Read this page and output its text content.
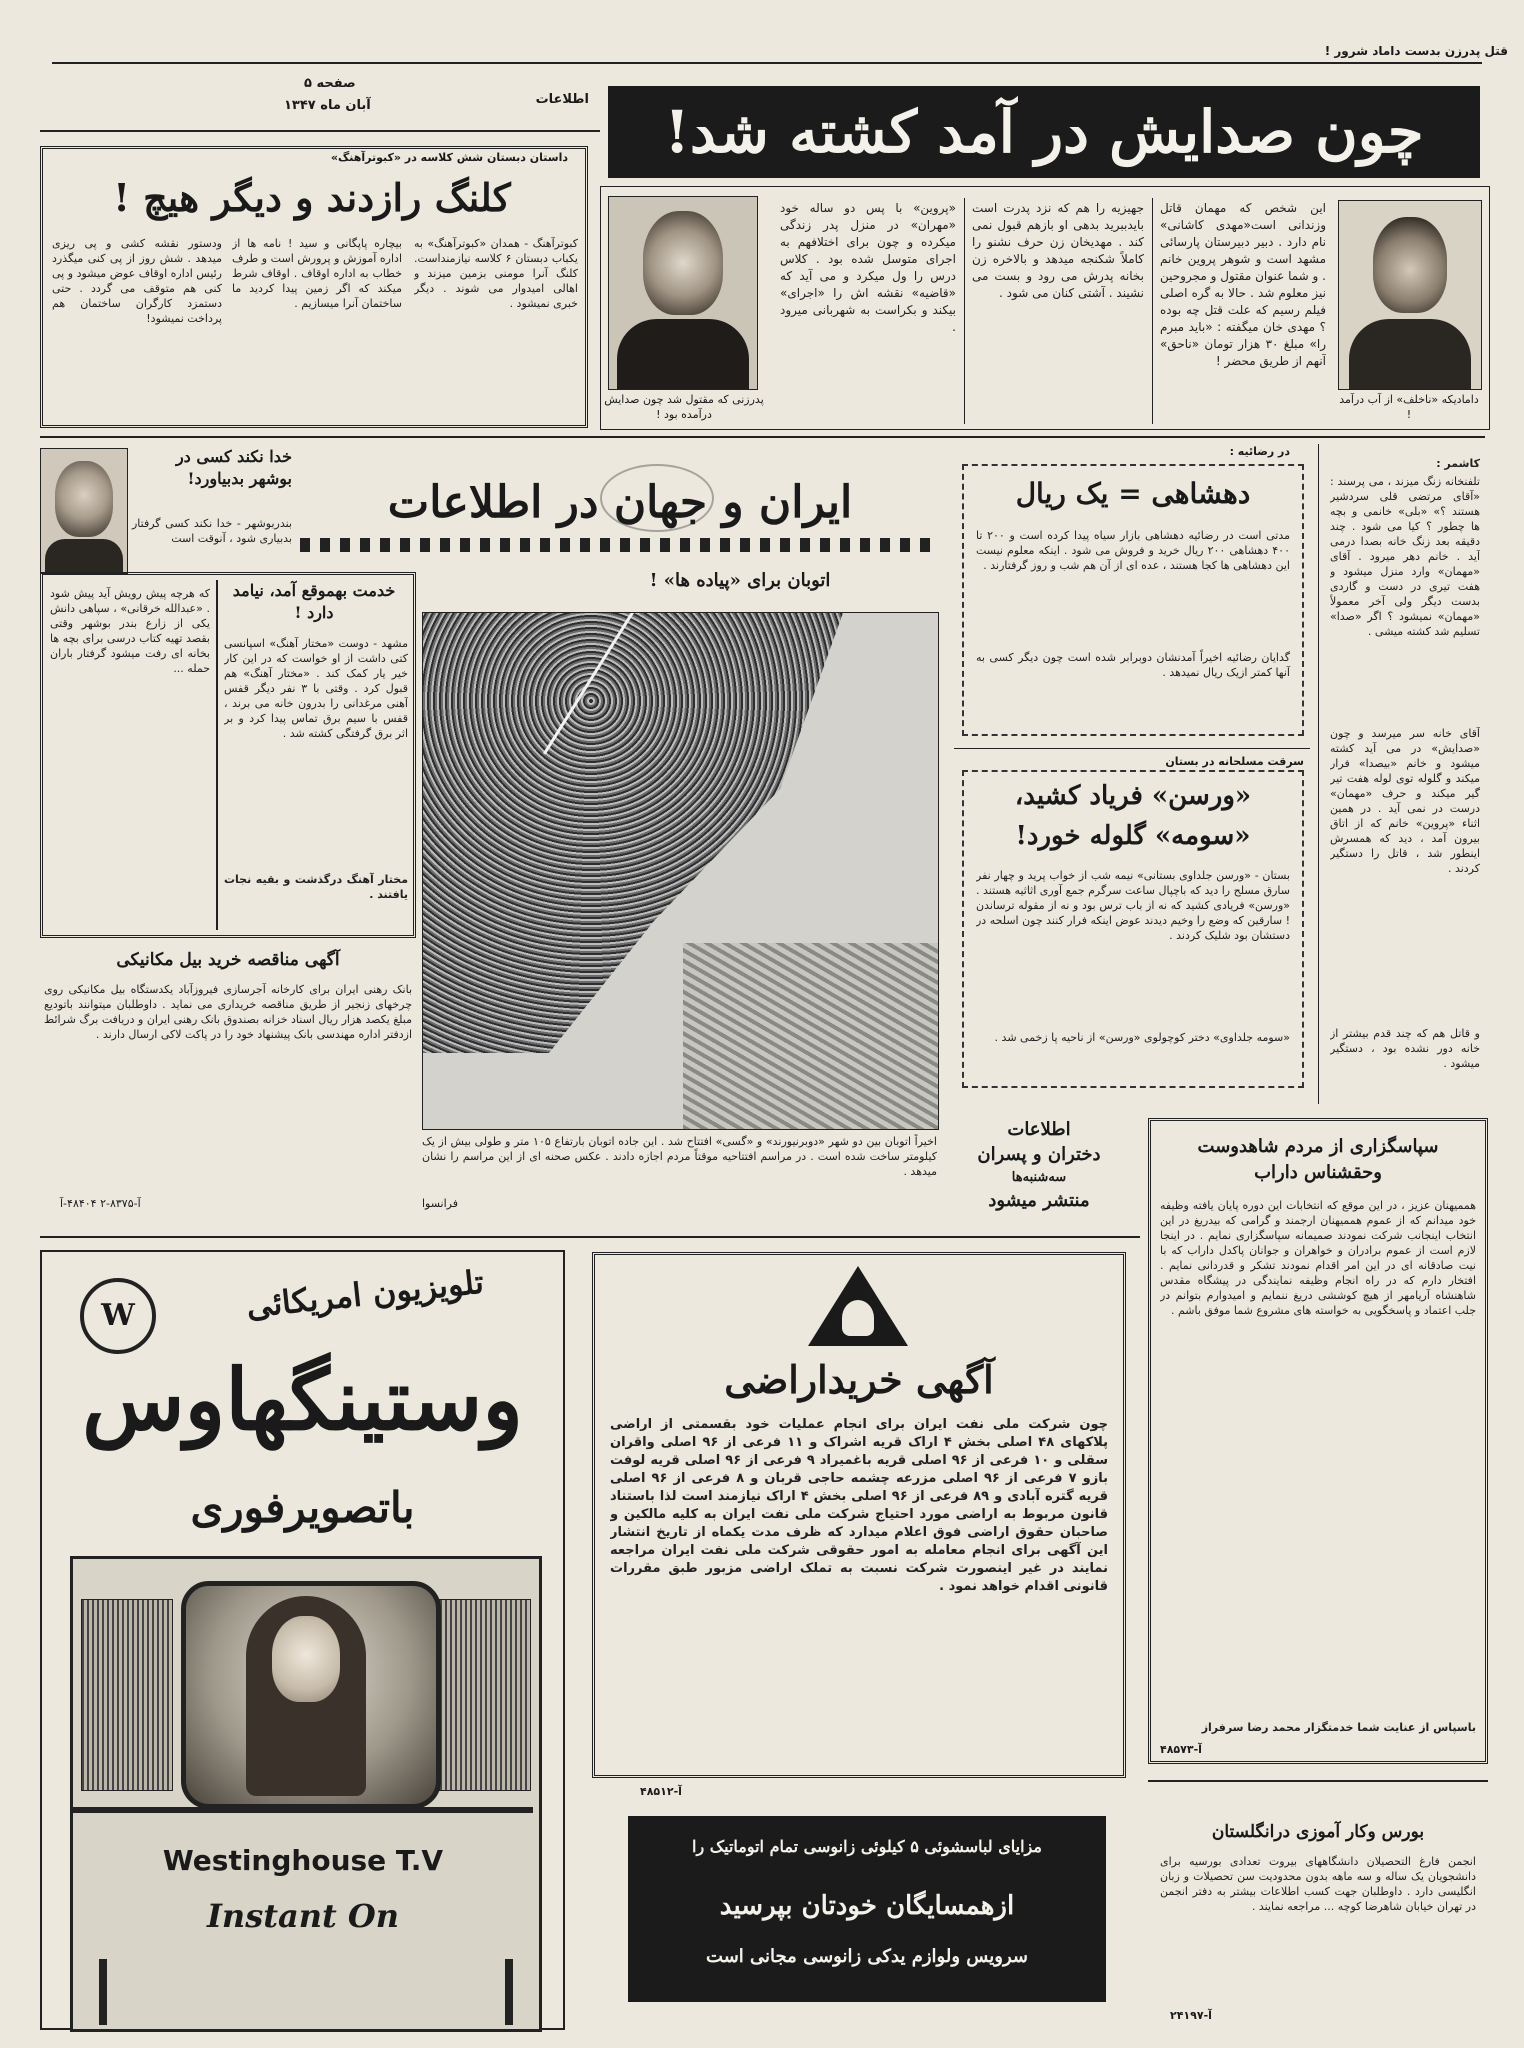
قتل پدرزن بدست داماد شرور !
صفحه ۵
اطلاعات
آبان ماه ۱۳۴۷	چون صدایش در آمد کشته شد!
دامادیکه «ناخلف» از آب درآمد !
این شخص که مهمان قاتل وزندانی است«مهدی کاشانی» نام دارد . دبیر دبیرستان پارسائی مشهد است و شوهر پروین خانم . و شما عنوان مقتول و مجروحین نیز معلوم شد . حالا به گره اصلی فیلم رسیم که علت قتل چه بوده ؟ مهدی خان میگفته : «باید مبرم را» مبلغ ۳۰ هزار تومان «ناحق» آنهم از طریق محضر !
جهیزیه را هم که نزد پدرت است بایدببرید بدهی او بازهم قبول نمی کند . مهدیخان زن حرف نشنو را کاملاً شکنجه میدهد و بالاخره زن بخانه پدرش می رود و بست می نشیند . آشتی کنان می شود .
«پروین» با پس دو ساله خود «مهران» در منزل پدر زندگی میکرده و چون برای اختلافهم به اجرای متوسل شده بود . کلاس درس را ول میکرد و می آید که «قاضیه» نقشه اش را «اجرای» بیکند و بکراست به شهربانی میرود .
پدرزنی که مقتول شد چون صدایش درآمده بود !
داستان دبستان شش کلاسه در «کبوترآهنگ»
کلنگ رازدند و دیگر هیچ !
کبوترآهنگ - همدان «کبوترآهنگ» به یکباب دبستان ۶ کلاسه نیازمنداست. کلنگ آنرا مومنی بزمین میزند و اهالی امیدوار می شوند . دیگر خبری نمیشود .
بیچاره پاپگانی و سید ! نامه ها از اداره آموزش و پرورش است و طرف خطاب به اداره اوقاف . اوقاف شرط میکند که اگر زمین پیدا کردید ما ساختمان آنرا میسازیم .
ودستور نقشه کشی و پی ریزی میدهد . شش روز از پی کنی میگذرد رئیس اداره اوقاف عوض میشود و پی کنی هم متوقف می گردد . حتی دستمزد کارگران ساختمان هم پرداخت نمیشود!
خدا نکند کسی در بوشهر بدبیاورد!
بندربوشهر - خدا نکند کسی گرفتار بدبیاری شود ، آنوقت است
ایران و جهان در اطلاعات
اتوبان برای «پیاده ها» !
اخیراً اتوبان بین دو شهر «دوبرنیورند» و «گسی» افتتاح شد . این جاده اتوبان بارتفاع ۱۰۵ متر و طولی بیش از یک کیلومتر ساخت شده است . در مراسم افتتاحیه موقتاً مردم اجازه دادند . عکس صحنه ای از این مراسم را نشان میدهد .
فرانسوا
خدمت بهموقع آمد، نیامد دارد !
مشهد - دوست «مختار آهنگ» اسپانسی کتی داشت از او خواست که در این کار خیر یار کمک کند . «مختار آهنگ» هم قبول کرد . وقتی با ۳ نفر دیگر قفس آهنی مرغدانی را بدرون خانه می برند ، قفس با سیم برق تماس پیدا کرد و بر اثر برق گرفتگی کشته شد .
مختار آهنگ درگذشت و بقیه نجات یافتند .
که هرچه پیش رویش آید پیش شود . «عبدالله خرقانی» ، سپاهی دانش یکی از زارع بندر بوشهر وقتی بقصد تهیه کتاب درسی برای بچه ها بخانه ای رفت میشود گرفتار باران حمله ...
آگهی مناقصه خرید بیل مکانیکی
بانک رهنی ایران برای کارخانه آجرسازی فیروزآباد یکدستگاه بیل مکانیکی روی چرخهای زنجیر از طریق مناقصه خریداری می نماید . داوطلبان میتوانند باتودیع مبلغ یکصد هزار ریال اسناد خزانه بصندوق بانک رهنی ایران و دریافت برگ شرائط ازدفتر اداره مهندسی بانک پیشنهاد خود را در پاکت لاکی ارسال دارند .
آ-۸۳۷۵-۲ ۴۸۴۰۴-آ
در رضائیه :
دهشاهی = یک ریال
مدتی است در رضائیه دهشاهی بازار سیاه پیدا کرده است و ۲۰۰ تا ۴۰۰ دهشاهی ۲۰۰ ریال خرید و فروش می شود . اینکه معلوم نیست این دهشاهی ها کجا هستند ، عده ای از آن هم شب و روز گرفتارند .
گدایان رضائیه اخیراً آمدنشان دوبرابر شده است چون دیگر کسی به آنها کمتر ازیک ریال نمیدهد .
سرقت مسلحانه در بستان
«ورسن» فریاد کشید،
«سومه» گلوله خورد!
بستان - «ورسن جلداوی بستانی» نیمه شب از خواب پرید و چهار نفر سارق مسلح را دید که باچپال ساعت سرگرم جمع آوری اثاثیه هستند . «ورسن» فریادی کشید که نه از باب ترس بود و نه از مقوله ترساندن ! سارقین که وضع را وخیم دیدند عوض اینکه فرار کنند چون اسلحه در دستشان بود شلیک کردند .
«سومه جلداوی» دختر کوچولوی «ورسن» از ناحیه پا زخمی شد .
کاشمر :
تلفنخانه زنگ میزند ، می پرسند : «آقای مرتضی قلی سردشیر هستند ؟» «بلی» خانمی و بچه ها چطور ؟ کیا می شود . چند دقیقه بعد زنگ خانه بصدا درمی آید . خانم دهر میرود . آقای «مهمان» وارد منزل میشود و هفت تیری در دست و گاردی بدست دیگر ولی آخر معمولاً «مهمان» نمیشود ؟ اگر «صدا» تسلیم شد کشته میشی .
آقای خانه سر میرسد و چون «صدایش» در می آید کشته میشود و خانم «بیصدا» فرار میکند و گلوله توی لوله هفت تیر گیر میکند و حرف «مهمان» درست در نمی آید . در همین اثناء «پروین» خانم که از اتاق بیرون آمد ، دید که همسرش اینطور شد ، قاتل را دستگیر کردند .
و قاتل هم که چند قدم بیشتر از خانه دور نشده بود ، دستگیر میشود .
اطلاعات
دختران و پسران
سه‌شنبه‌ها
منتشر میشود
سپاسگزاری از مردم شاهدوست
وحقشناس داراب
هممیهنان عزیز ، در این موقع که انتخابات این دوره پایان یافته وظیفه خود میدانم که از عموم هممیهنان ارجمند و گرامی که بیدریغ در این انتخاب اینجانب شرکت نمودند صمیمانه سپاسگزاری نمایم . در اینجا لازم است از عموم برادران و خواهران و جوانان پاکدل داراب که با نیت صادقانه ای در این امر اقدام نمودند تشکر و قدردانی نمایم . افتخار دارم که در راه انجام وظیفه نمایندگی در پیشگاه مقدس شاهنشاه آریامهر از هیچ کوششی دریغ ننمایم و امیدوارم بتوانم در جلب اعتماد و پاسخگویی به خواسته های مشروع شما موفق باشم .
باسپاس از عنایت شما خدمتگزار محمد رضا سرفراز
آ-۴۸۵۷۳
W	تلویزیون امریکائی
وستینگهاوس
باتصویرفوری
Westinghouse T.V
Instant On
آگهی خریداراضی
چون شرکت ملی نفت ایران برای انجام عملیات خود بقسمتی از اراضی پلاکهای ۴۸ اصلی بخش ۴ اراک قریه اشراک و ۱۱ فرعی از ۹۶ اصلی واقران سقلی و ۱۰ فرعی از ۹۶ اصلی قریه باغمیراد ۹ فرعی از ۹۶ اصلی قریه لوفت بازو ۷ فرعی از ۹۶ اصلی مزرعه چشمه حاجی قربان و ۸ فرعی از ۹۶ اصلی قریه گتره آبادی و ۸۹ فرعی از ۹۶ اصلی بخش ۴ اراک نیازمند است لذا باستناد قانون مربوط به اراضی مورد احتیاج شرکت ملی نفت ایران به کلیه مالکین و صاحبان حقوق اراضی فوق اعلام میدارد که ظرف مدت یکماه از تاریخ انتشار این آگهی برای انجام معامله به امور حقوقی شرکت ملی نفت ایران مراجعه نمایند در غیر اینصورت شرکت نسبت به تملک اراضی مزبور طبق مقررات قانونی اقدام خواهد نمود .
آ-۴۸۵۱۲
مزایای لباسشوئی ۵ کیلوئی زانوسی تمام اتوماتیک را
ازهمسایگان خودتان بپرسید
سرویس ولوازم یدکی زانوسی مجانی است
بورس وکار آموزی درانگلستان
انجمن فارغ التحصیلان دانشگاههای بیروت تعدادی بورسیه برای دانشجویان یک ساله و سه ماهه بدون محدودیت سن تحصیلات و زبان انگلیسی دارد . داوطلبان جهت کسب اطلاعات بیشتر به دفتر انجمن در تهران خیابان شاهرضا کوچه ... مراجعه نمایند .
آ-۲۴۱۹۷
